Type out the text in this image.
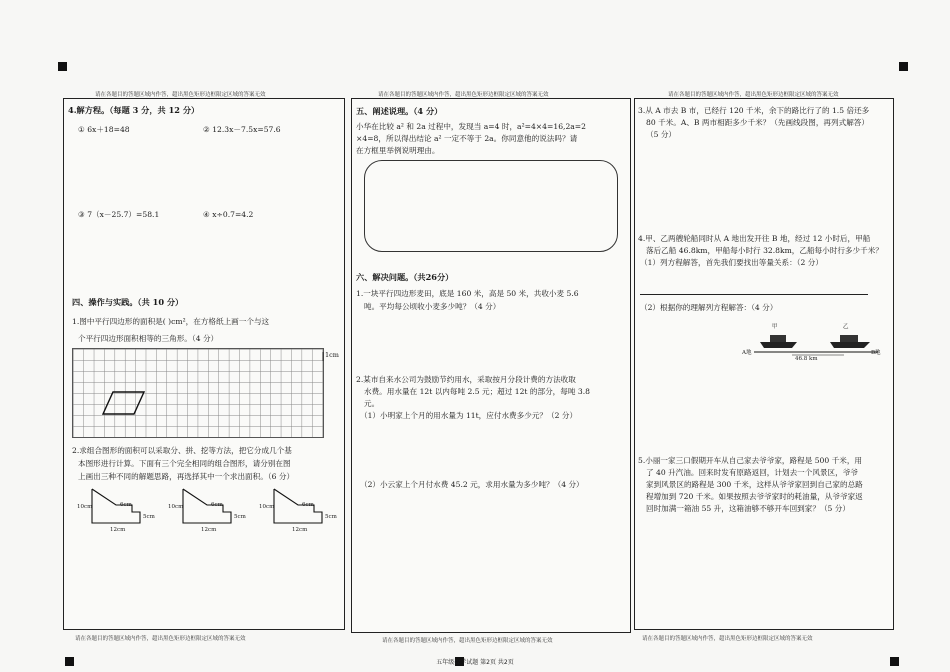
请在各题目的答题区域内作答，超出黑色矩形边框限定区域的答案无效	请在各题目的答题区域内作答，超出黑色矩形边框限定区域的答案无效	请在各题目的答题区域内作答，超出黑色矩形边框限定区域的答案无效
请在各题目的答题区域内作答，超出黑色矩形边框限定区域的答案无效	请在各题目的答题区域内作答，超出黑色矩形边框限定区域的答案无效	请在各题目的答题区域内作答，超出黑色矩形边框限定区域的答案无效
4.解方程。（每题 3 分，共 12 分）
① 6x＋18=48	② 12.3x－7.5x=57.6
③ 7（x－25.7）=58.1	④ x÷0.7=4.2
四、操作与实践。（共 10 分）
1.图中平行四边形的面积是( )cm²，在方格纸上画一个与这
个平行四边形面积相等的三角形。（4 分）
1cm
2.求组合图形的面积可以采取分、拼、挖等方法，把它分成几个基
本图形进行计算。下面有三个完全相同的组合图形，请分别在图
上画出三种不同的解题思路，再选择其中一个求出面积。（6 分）
10cm	6cm
5cm
12cm
10cm	6cm
5cm
12cm
10cm	6cm
5cm
12cm
五、阐述说理。（4 分）
小华在比较 a² 和 2a 过程中，发现当 a=4 时，a²=4×4=16,2a=2
×4=8，所以得出结论 a² 一定不等于 2a。你同意他的说法吗？请
在方框里举例说明理由。
六、解决问题。（共26分）
1.一块平行四边形麦田，底是 160 米，高是 50 米，共收小麦 5.6
吨。平均每公顷收小麦多少吨？（4 分）
2.某市自来水公司为鼓励节约用水，采取按月分段计费的方法收取
水费。用水量在 12t 以内每吨 2.5 元；超过 12t 的部分，每吨 3.8
元。
（1）小明家上个月的用水量为 11t，应付水费多少元？（2 分）
（2）小云家上个月付水费 45.2 元，求用水量为多少吨？（4 分）
3.从 A 市去 B 市，已经行 120 千米，余下的路比行了的 1.5 倍还多
80 千米。A、B 两市相距多少千米？（先画线段图，再列式解答）
（5 分）
4.甲、乙两艘轮船同时从 A 地出发开往 B 地，经过 12 小时后，甲船
落后乙船 46.8km，甲船每小时行 32.8km，乙船每小时行多少千米？
（1）列方程解答，首先我们要找出等量关系：（2 分）
（2）根据你的理解列方程解答：（4 分）
甲	乙
A地	B地
46.8 km
5.小丽一家三口假期开车从自己家去爷爷家，路程是 500 千米，用
了 40 升汽油。回来时发有原路返回，计划去一个风景区，爷爷
家到风景区的路程是 300 千米，这样从爷爷家回到自己家的总路
程增加到 720 千米。如果按照去爷爷家时的耗油量，从爷爷家返
回时加满一箱油 55 升，这箱油够不够开车回到家？（5 分）
五年级数学试题 第2页 共2页
